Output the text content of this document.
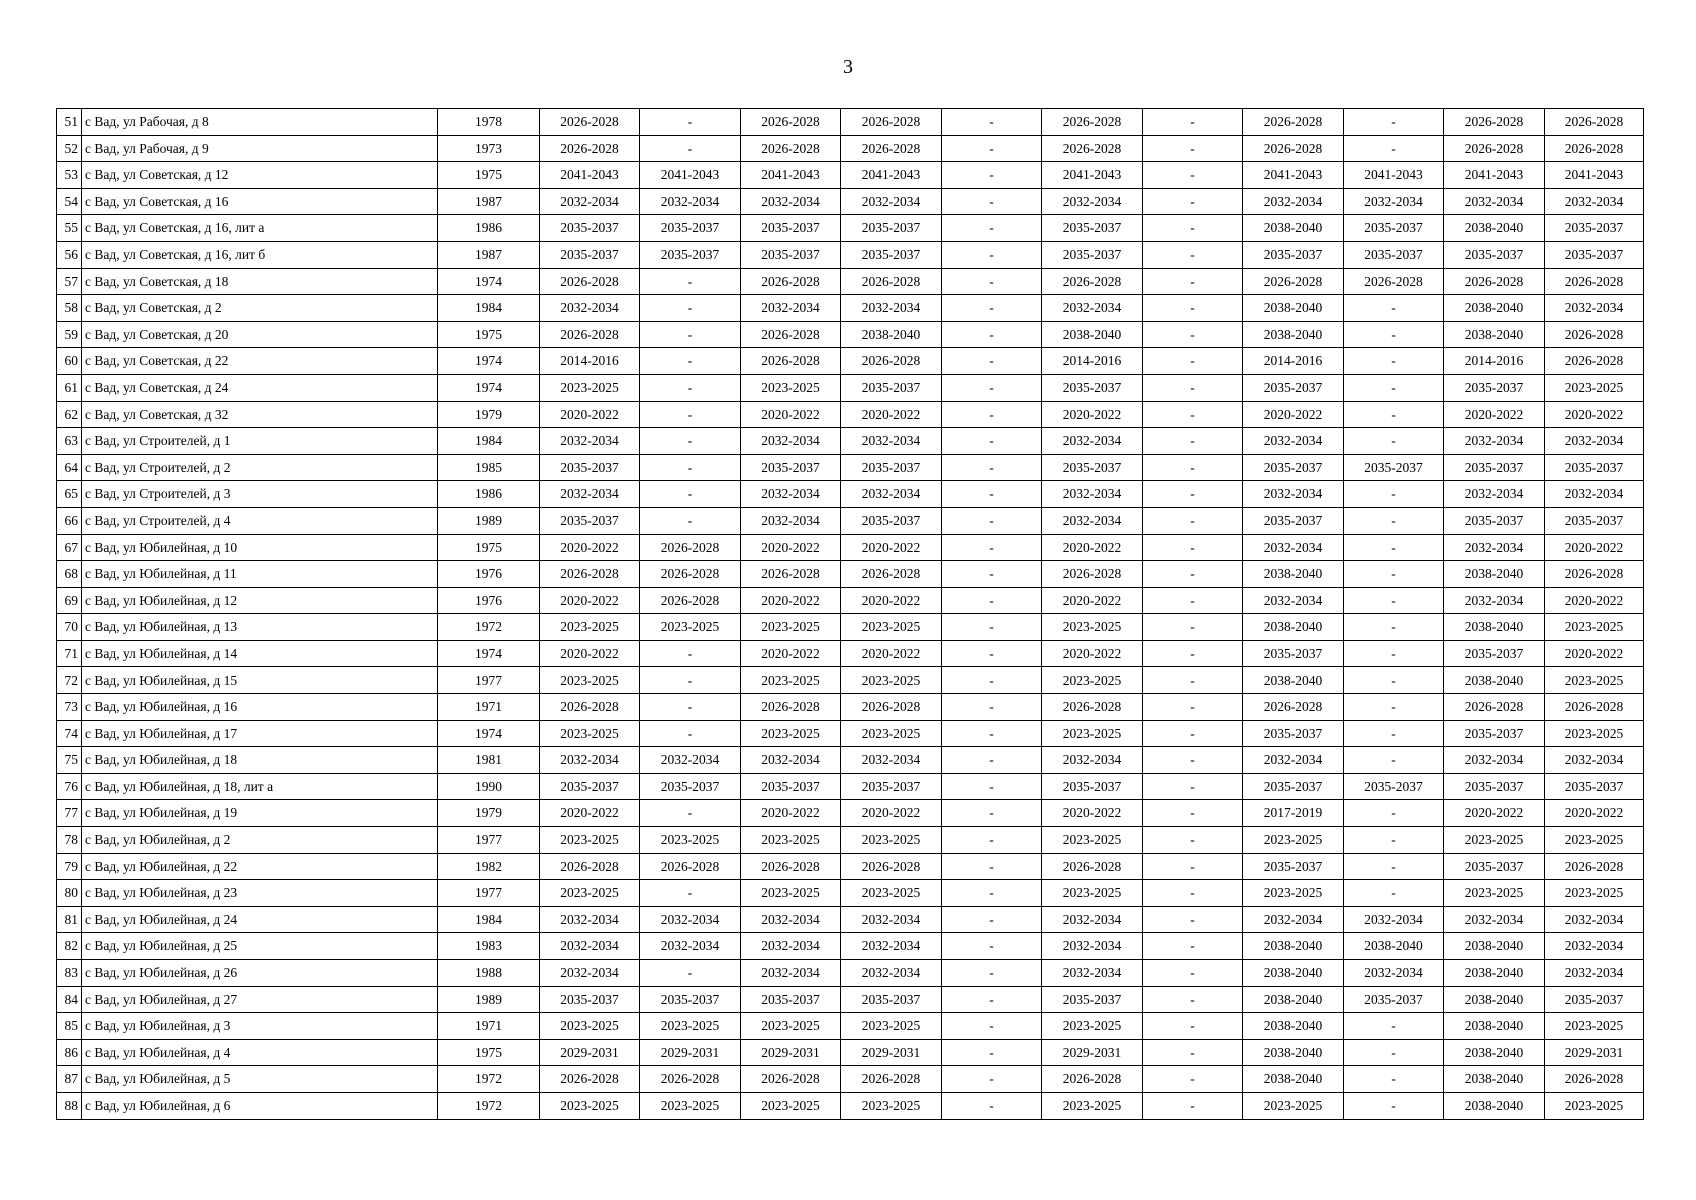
3
51	с Вад, ул Рабочая, д 8	1978	2026-2028	-	2026-2028	2026-2028	-	2026-2028	-	2026-2028	-	2026-2028	2026-2028
52	с Вад, ул Рабочая, д 9	1973	2026-2028	-	2026-2028	2026-2028	-	2026-2028	-	2026-2028	-	2026-2028	2026-2028
53	с Вад, ул Советская, д 12	1975	2041-2043	2041-2043	2041-2043	2041-2043	-	2041-2043	-	2041-2043	2041-2043	2041-2043	2041-2043
54	с Вад, ул Советская, д 16	1987	2032-2034	2032-2034	2032-2034	2032-2034	-	2032-2034	-	2032-2034	2032-2034	2032-2034	2032-2034
55	с Вад, ул Советская, д 16, лит а	1986	2035-2037	2035-2037	2035-2037	2035-2037	-	2035-2037	-	2038-2040	2035-2037	2038-2040	2035-2037
56	с Вад, ул Советская, д 16, лит б	1987	2035-2037	2035-2037	2035-2037	2035-2037	-	2035-2037	-	2035-2037	2035-2037	2035-2037	2035-2037
57	с Вад, ул Советская, д 18	1974	2026-2028	-	2026-2028	2026-2028	-	2026-2028	-	2026-2028	2026-2028	2026-2028	2026-2028
58	с Вад, ул Советская, д 2	1984	2032-2034	-	2032-2034	2032-2034	-	2032-2034	-	2038-2040	-	2038-2040	2032-2034
59	с Вад, ул Советская, д 20	1975	2026-2028	-	2026-2028	2038-2040	-	2038-2040	-	2038-2040	-	2038-2040	2026-2028
60	с Вад, ул Советская, д 22	1974	2014-2016	-	2026-2028	2026-2028	-	2014-2016	-	2014-2016	-	2014-2016	2026-2028
61	с Вад, ул Советская, д 24	1974	2023-2025	-	2023-2025	2035-2037	-	2035-2037	-	2035-2037	-	2035-2037	2023-2025
62	с Вад, ул Советская, д 32	1979	2020-2022	-	2020-2022	2020-2022	-	2020-2022	-	2020-2022	-	2020-2022	2020-2022
63	с Вад, ул Строителей, д 1	1984	2032-2034	-	2032-2034	2032-2034	-	2032-2034	-	2032-2034	-	2032-2034	2032-2034
64	с Вад, ул Строителей, д 2	1985	2035-2037	-	2035-2037	2035-2037	-	2035-2037	-	2035-2037	2035-2037	2035-2037	2035-2037
65	с Вад, ул Строителей, д 3	1986	2032-2034	-	2032-2034	2032-2034	-	2032-2034	-	2032-2034	-	2032-2034	2032-2034
66	с Вад, ул Строителей, д 4	1989	2035-2037	-	2032-2034	2035-2037	-	2032-2034	-	2035-2037	-	2035-2037	2035-2037
67	с Вад, ул Юбилейная, д 10	1975	2020-2022	2026-2028	2020-2022	2020-2022	-	2020-2022	-	2032-2034	-	2032-2034	2020-2022
68	с Вад, ул Юбилейная, д 11	1976	2026-2028	2026-2028	2026-2028	2026-2028	-	2026-2028	-	2038-2040	-	2038-2040	2026-2028
69	с Вад, ул Юбилейная, д 12	1976	2020-2022	2026-2028	2020-2022	2020-2022	-	2020-2022	-	2032-2034	-	2032-2034	2020-2022
70	с Вад, ул Юбилейная, д 13	1972	2023-2025	2023-2025	2023-2025	2023-2025	-	2023-2025	-	2038-2040	-	2038-2040	2023-2025
71	с Вад, ул Юбилейная, д 14	1974	2020-2022	-	2020-2022	2020-2022	-	2020-2022	-	2035-2037	-	2035-2037	2020-2022
72	с Вад, ул Юбилейная, д 15	1977	2023-2025	-	2023-2025	2023-2025	-	2023-2025	-	2038-2040	-	2038-2040	2023-2025
73	с Вад, ул Юбилейная, д 16	1971	2026-2028	-	2026-2028	2026-2028	-	2026-2028	-	2026-2028	-	2026-2028	2026-2028
74	с Вад, ул Юбилейная, д 17	1974	2023-2025	-	2023-2025	2023-2025	-	2023-2025	-	2035-2037	-	2035-2037	2023-2025
75	с Вад, ул Юбилейная, д 18	1981	2032-2034	2032-2034	2032-2034	2032-2034	-	2032-2034	-	2032-2034	-	2032-2034	2032-2034
76	с Вад, ул Юбилейная, д 18, лит а	1990	2035-2037	2035-2037	2035-2037	2035-2037	-	2035-2037	-	2035-2037	2035-2037	2035-2037	2035-2037
77	с Вад, ул Юбилейная, д 19	1979	2020-2022	-	2020-2022	2020-2022	-	2020-2022	-	2017-2019	-	2020-2022	2020-2022
78	с Вад, ул Юбилейная, д 2	1977	2023-2025	2023-2025	2023-2025	2023-2025	-	2023-2025	-	2023-2025	-	2023-2025	2023-2025
79	с Вад, ул Юбилейная, д 22	1982	2026-2028	2026-2028	2026-2028	2026-2028	-	2026-2028	-	2035-2037	-	2035-2037	2026-2028
80	с Вад, ул Юбилейная, д 23	1977	2023-2025	-	2023-2025	2023-2025	-	2023-2025	-	2023-2025	-	2023-2025	2023-2025
81	с Вад, ул Юбилейная, д 24	1984	2032-2034	2032-2034	2032-2034	2032-2034	-	2032-2034	-	2032-2034	2032-2034	2032-2034	2032-2034
82	с Вад, ул Юбилейная, д 25	1983	2032-2034	2032-2034	2032-2034	2032-2034	-	2032-2034	-	2038-2040	2038-2040	2038-2040	2032-2034
83	с Вад, ул Юбилейная, д 26	1988	2032-2034	-	2032-2034	2032-2034	-	2032-2034	-	2038-2040	2032-2034	2038-2040	2032-2034
84	с Вад, ул Юбилейная, д 27	1989	2035-2037	2035-2037	2035-2037	2035-2037	-	2035-2037	-	2038-2040	2035-2037	2038-2040	2035-2037
85	с Вад, ул Юбилейная, д 3	1971	2023-2025	2023-2025	2023-2025	2023-2025	-	2023-2025	-	2038-2040	-	2038-2040	2023-2025
86	с Вад, ул Юбилейная, д 4	1975	2029-2031	2029-2031	2029-2031	2029-2031	-	2029-2031	-	2038-2040	-	2038-2040	2029-2031
87	с Вад, ул Юбилейная, д 5	1972	2026-2028	2026-2028	2026-2028	2026-2028	-	2026-2028	-	2038-2040	-	2038-2040	2026-2028
88	с Вад, ул Юбилейная, д 6	1972	2023-2025	2023-2025	2023-2025	2023-2025	-	2023-2025	-	2023-2025	-	2038-2040	2023-2025
